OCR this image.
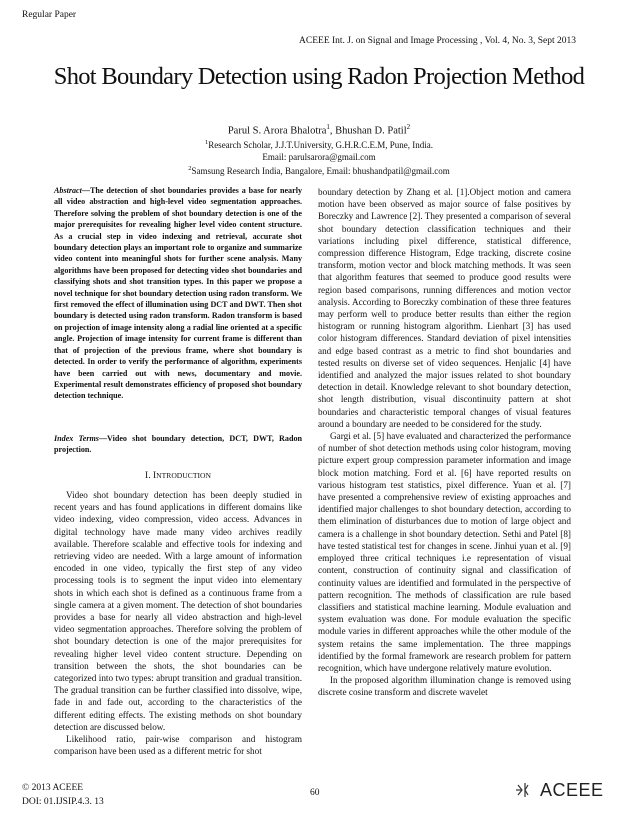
Regular Paper
ACEEE Int. J. on Signal and Image Processing , Vol. 4, No. 3, Sept 2013
Shot Boundary Detection using Radon Projection Method
Parul S. Arora Bhalotra$^1$, Bhushan D. Patil$^2$
$^1$Research Scholar, J.J.T.University, G.H.R.C.E.M, Pune, India.
Email: parulsarora@gmail.com
$^2$Samsung Research India, Bangalore, Email: bhushandpatil@gmail.com
Abstract—The detection of shot boundaries provides a base for nearly all video abstraction and high-level video segmentation approaches. Therefore solving the problem of shot boundary detection is one of the major prerequisites for revealing higher level video content structure. As a crucial step in video indexing and retrieval, accurate shot boundary detection plays an important role to organize and summarize video content into meaningful shots for further scene analysis. Many algorithms have been proposed for detecting video shot boundaries and classifying shots and shot transition types. In this paper we propose a novel technique for shot boundary detection using radon transform. We first removed the effect of illumination using DCT and DWT. Then shot boundary is detected using radon transform. Radon transform is based on projection of image intensity along a radial line oriented at a specific angle. Projection of image intensity for current frame is different than that of projection of the previous frame, where shot boundary is detected. In order to verify the performance of algorithm, experiments have been carried out with news, documentary and movie. Experimental result demonstrates efficiency of proposed shot boundary detection technique.
Index Terms—Video shot boundary detection, DCT, DWT, Radon projection.
I. INTRODUCTION

Video shot boundary detection has been deeply studied in recent years and has found applications in different domains like video indexing, video compression, video access. Advances in digital technology have made many video archives readily available. Therefore scalable and effective tools for indexing and retrieving video are needed. With a large amount of information encoded in one video, typically the first step of any video processing tools is to segment the input video into elementary shots in which each shot is defined as a continuous frame from a single camera at a given moment. The detection of shot boundaries provides a base for nearly all video abstraction and high-level video segmentation approaches. Therefore solving the problem of shot boundary detection is one of the major prerequisites for revealing higher level video content structure. Depending on transition between the shots, the shot boundaries can be categorized into two types: abrupt transition and gradual transition. The gradual transition can be further classified into dissolve, wipe, fade in and fade out, according to the characteristics of the different editing effects. The existing methods on shot boundary detection are discussed below.

Likelihood ratio, pair-wise comparison and histogram comparison have been used as a different metric for shot

boundary detection by Zhang et al. [1].Object motion and camera motion have been observed as major source of false positives by Boreczky and Lawrence [2]. They presented a comparison of several shot boundary detection classification techniques and their variations including pixel difference, statistical difference, compression difference Histogram, Edge tracking, discrete cosine transform, motion vector and block matching methods. It was seen that algorithm features that seemed to produce good results were region based comparisons, running differences and motion vector analysis. According to Boreczky combination of these three features may perform well to produce better results than either the region histogram or running histogram algorithm. Lienhart [3] has used color histogram differences. Standard deviation of pixel intensities and edge based contrast as a metric to find shot boundaries and tested results on diverse set of video sequences. Henjalic [4] have identified and analyzed the major issues related to shot boundary detection in detail. Knowledge relevant to shot boundary detection, shot length distribution, visual discontinuity pattern at shot boundaries and characteristic temporal changes of visual features around a boundary are needed to be considered for the study.

Gargi et al. [5] have evaluated and characterized the performance of number of shot detection methods using color histogram, moving picture expert group compression parameter information and image block motion matching. Ford et al. [6] have reported results on various histogram test statistics, pixel difference. Yuan et al. [7] have presented a comprehensive review of existing approaches and identified major challenges to shot boundary detection, according to them elimination of disturbances due to motion of large object and camera is a challenge in shot boundary detection. Sethi and Patel [8] have tested statistical test for changes in scene. Jinhui yuan et al. [9] employed three critical techniques i.e representation of visual content, construction of continuity signal and classification of continuity values are identified and formulated in the perspective of pattern recognition. The methods of classification are rule based classifiers and statistical machine learning. Module evaluation and system evaluation was done. For module evaluation the specific module varies in different approaches while the other module of the system retains the same implementation. The three mappings identified by the formal framework are research problem for pattern recognition, which have undergone relatively mature evolution.

In the proposed algorithm illumination change is removed using discrete cosine transform and discrete wavelet

© 2013 ACEEE
DOI: 01.IJSIP.4.3. 13
60	ACEEE
